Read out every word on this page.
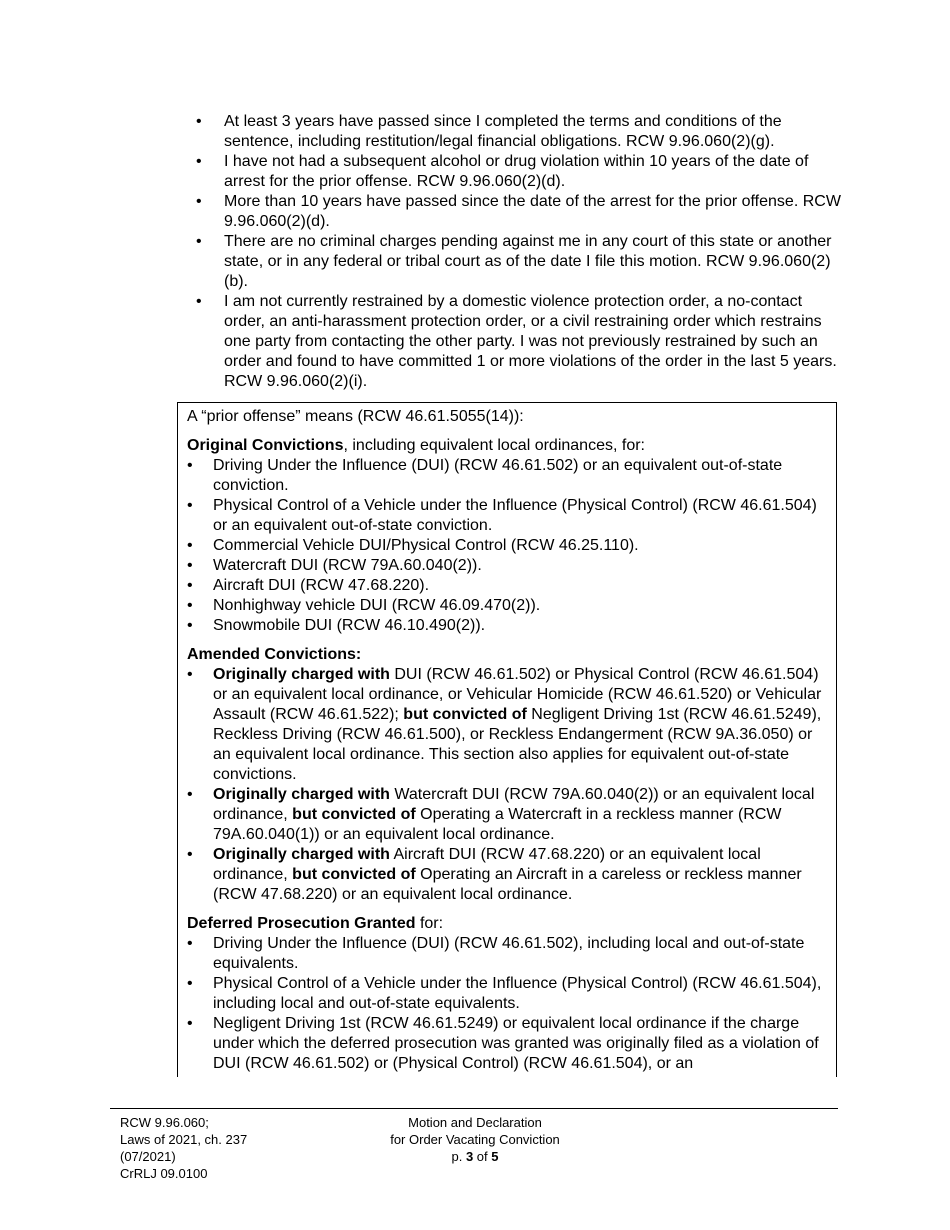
• At least 3 years have passed since I completed the terms and conditions of the sentence, including restitution/legal financial obligations. RCW 9.96.060(2)(g).
• I have not had a subsequent alcohol or drug violation within 10 years of the date of arrest for the prior offense. RCW 9.96.060(2)(d).
• More than 10 years have passed since the date of the arrest for the prior offense. RCW 9.96.060(2)(d).
• There are no criminal charges pending against me in any court of this state or another state, or in any federal or tribal court as of the date I file this motion. RCW 9.96.060(2)(b).
• I am not currently restrained by a domestic violence protection order, a no-contact order, an anti-harassment protection order, or a civil restraining order which restrains one party from contacting the other party. I was not previously restrained by such an order and found to have committed 1 or more violations of the order in the last 5 years. RCW 9.96.060(2)(i).

A “prior offense” means (RCW 46.61.5055(14)):

Original Convictions, including equivalent local ordinances, for:

• Driving Under the Influence (DUI) (RCW 46.61.502) or an equivalent out-of-state conviction.
• Physical Control of a Vehicle under the Influence (Physical Control) (RCW 46.61.504) or an equivalent out-of-state conviction.
• Commercial Vehicle DUI/Physical Control (RCW 46.25.110).
• Watercraft DUI (RCW 79A.60.040(2)).
• Aircraft DUI (RCW 47.68.220).
• Nonhighway vehicle DUI (RCW 46.09.470(2)).
• Snowmobile DUI (RCW 46.10.490(2)).

Amended Convictions:

• Originally charged with DUI (RCW 46.61.502) or Physical Control (RCW 46.61.504) or an equivalent local ordinance, or Vehicular Homicide (RCW 46.61.520) or Vehicular Assault (RCW 46.61.522); but convicted of Negligent Driving 1st (RCW 46.61.5249), Reckless Driving (RCW 46.61.500), or Reckless Endangerment (RCW 9A.36.050) or an equivalent local ordinance. This section also applies for equivalent out-of-state convictions.
• Originally charged with Watercraft DUI (RCW 79A.60.040(2)) or an equivalent local ordinance, but convicted of Operating a Watercraft in a reckless manner (RCW 79A.60.040(1)) or an equivalent local ordinance.
• Originally charged with Aircraft DUI (RCW 47.68.220) or an equivalent local ordinance, but convicted of Operating an Aircraft in a careless or reckless manner (RCW 47.68.220) or an equivalent local ordinance.

Deferred Prosecution Granted for:

• Driving Under the Influence (DUI) (RCW 46.61.502), including local and out-of-state equivalents.
• Physical Control of a Vehicle under the Influence (Physical Control) (RCW 46.61.504), including local and out-of-state equivalents.
• Negligent Driving 1st (RCW 46.61.5249) or equivalent local ordinance if the charge under which the deferred prosecution was granted was originally filed as a violation of DUI (RCW 46.61.502) or (Physical Control) (RCW 46.61.504), or an
RCW 9.96.060;
Laws of 2021, ch. 237
(07/2021)
CrRLJ 09.0100
Motion and Declaration
for Order Vacating Conviction
p. 3 of 5
